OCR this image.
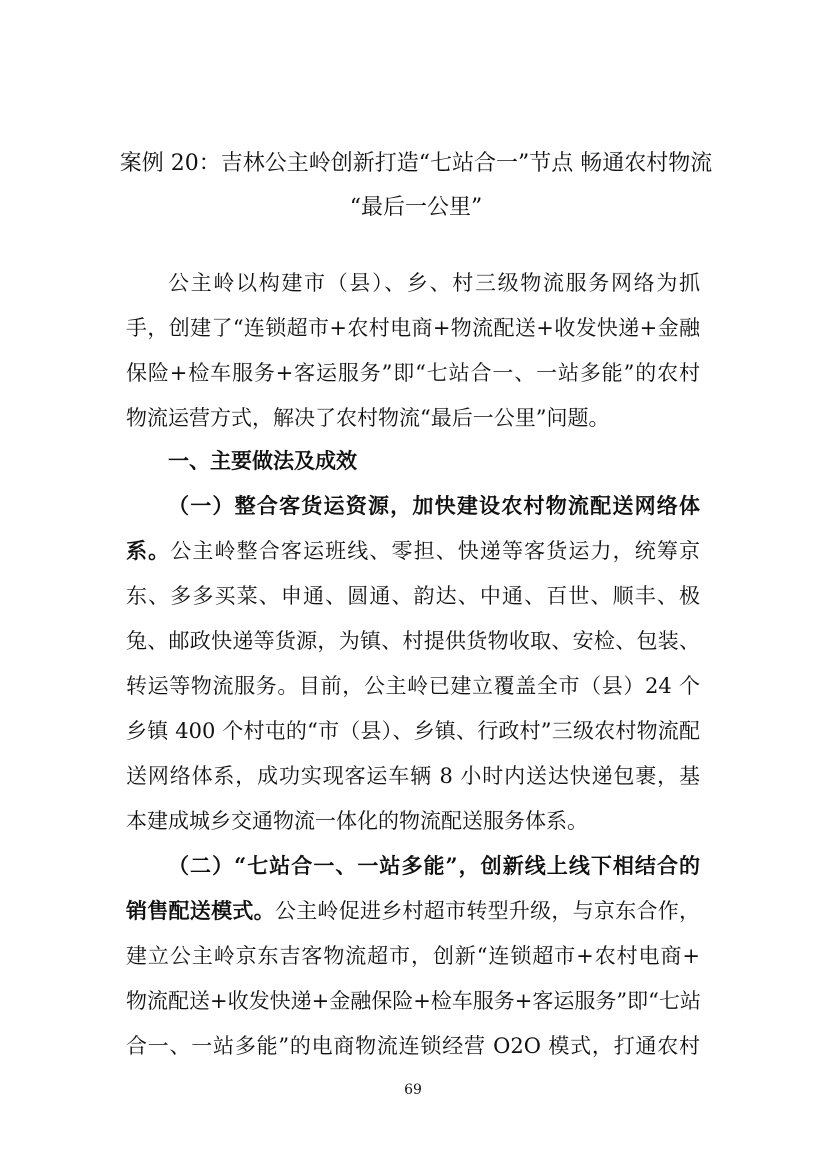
案例 20：吉林公主岭创新打造“七站合一”节点 畅通农村物流
“最后一公里”
公主岭以构建市（县）、乡、村三级物流服务网络为抓
手，创建了“连锁超市+农村电商+物流配送+收发快递+金融
保险+检车服务+客运服务”即“七站合一、一站多能”的农村
物流运营方式，解决了农村物流“最后一公里”问题。
一、主要做法及成效
（一）整合客货运资源，加快建设农村物流配送网络体
系。公主岭整合客运班线、零担、快递等客货运力，统筹京
东、多多买菜、申通、圆通、韵达、中通、百世、顺丰、极
兔、邮政快递等货源，为镇、村提供货物收取、安检、包装、
转运等物流服务。目前，公主岭已建立覆盖全市（县）24 个
乡镇 400 个村屯的“市（县）、乡镇、行政村”三级农村物流配
送网络体系，成功实现客运车辆 8 小时内送达快递包裹，基
本建成城乡交通物流一体化的物流配送服务体系。
（二）“七站合一、一站多能”，创新线上线下相结合的
销售配送模式。公主岭促进乡村超市转型升级，与京东合作，
建立公主岭京东吉客物流超市，创新“连锁超市+农村电商+
物流配送+收发快递+金融保险+检车服务+客运服务”即“七站
合一、一站多能”的电商物流连锁经营 O2O 模式，打通农村
69
